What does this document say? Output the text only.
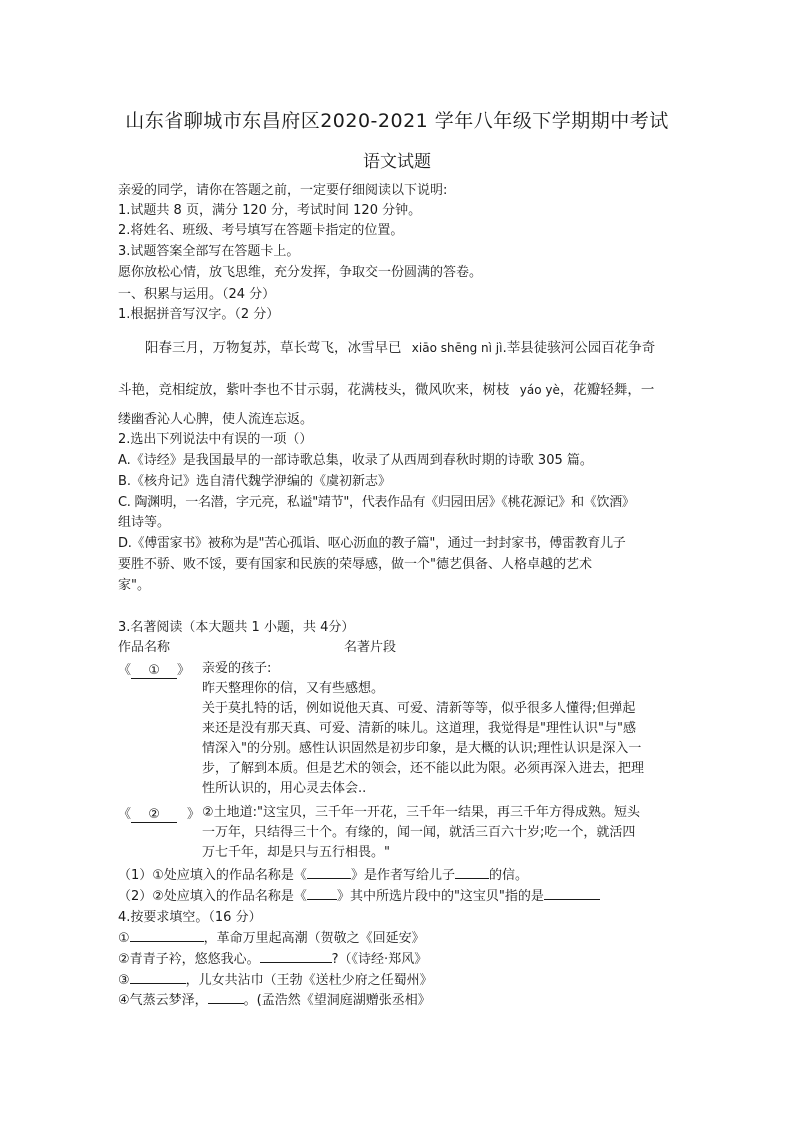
山东省聊城市东昌府区2020-2021 学年八年级下学期期中考试
语文试题
亲爱的同学，请你在答题之前，一定要仔细阅读以下说明:
1.试题共 8 页，满分 120 分，考试时间 120 分钟。
2.将姓名、班级、考号填写在答题卡指定的位置。
3.试题答案全部写在答题卡上。
愿你放松心情，放飞思维，充分发挥，争取交一份圆满的答卷。
一、积累与运用。（24 分）
1.根据拼音写汉字。（2 分）
阳春三月，万物复苏，草长莺飞，冰雪早已 xiāo shēng nì jì.莘县徒骇河公园百花争奇
斗艳，竞相绽放，紫叶李也不甘示弱，花满枝头，微风吹来，树枝 yáo yè，花瓣轻舞，一
缕幽香沁人心脾，使人流连忘返。
2.选出下列说法中有误的一项（）
A.《诗经》是我国最早的一部诗歌总集，收录了从西周到春秋时期的诗歌 305 篇。
B.《核舟记》选自清代魏学洢编的《虞初新志》
C. 陶渊明，一名潜，字元亮，私谥"靖节"，代表作品有《归园田居》《桃花源记》和《饮酒》
组诗等。
D.《傅雷家书》被称为是"苦心孤诣、呕心沥血的教子篇"，通过一封封家书，傅雷教育儿子
要胜不骄、败不馁，要有国家和民族的荣辱感，做一个"德艺俱备、人格卓越的艺术
家"。
3.名著阅读（本大题共 1 小题，共 4分）
作品名称	名著片段
《 ① 》 亲爱的孩子:
昨天整理你的信，又有些感想。
关于莫扎特的话，例如说他天真、可爱、清新等等，似乎很多人懂得;但弹起
来还是没有那天真、可爱、清新的味儿。这道理，我觉得是"理性认识"与"感
情深入"的分别。感性认识固然是初步印象，是大概的认识;理性认识是深入一
步，了解到本质。但是艺术的领会，还不能以此为限。必须再深入进去，把理
性所认识的，用心灵去体会..
《 ② 》 ②土地道:"这宝贝，三千年一开花，三千年一结果，再三千年方得成熟。短头
一万年，只结得三十个。有缘的，闻一闻，就活三百六十岁;吃一个，就活四
万七千年，却是只与五行相畏。"
（1）①处应填入的作品名称是《	》是作者写给儿子	的信。
（2）②处应填入的作品名称是《 》其中所选片段中的"这宝贝"指的是
4.按要求填空。（16 分）
①	，革命万里起高潮（贺敬之《回延安》
②青青子衿，悠悠我心。	?（《诗经·郑风》
③	，儿女共沾巾（王勃《送杜少府之任蜀州》
④气蒸云梦泽，	。(孟浩然《望洞庭湖赠张丞相》
